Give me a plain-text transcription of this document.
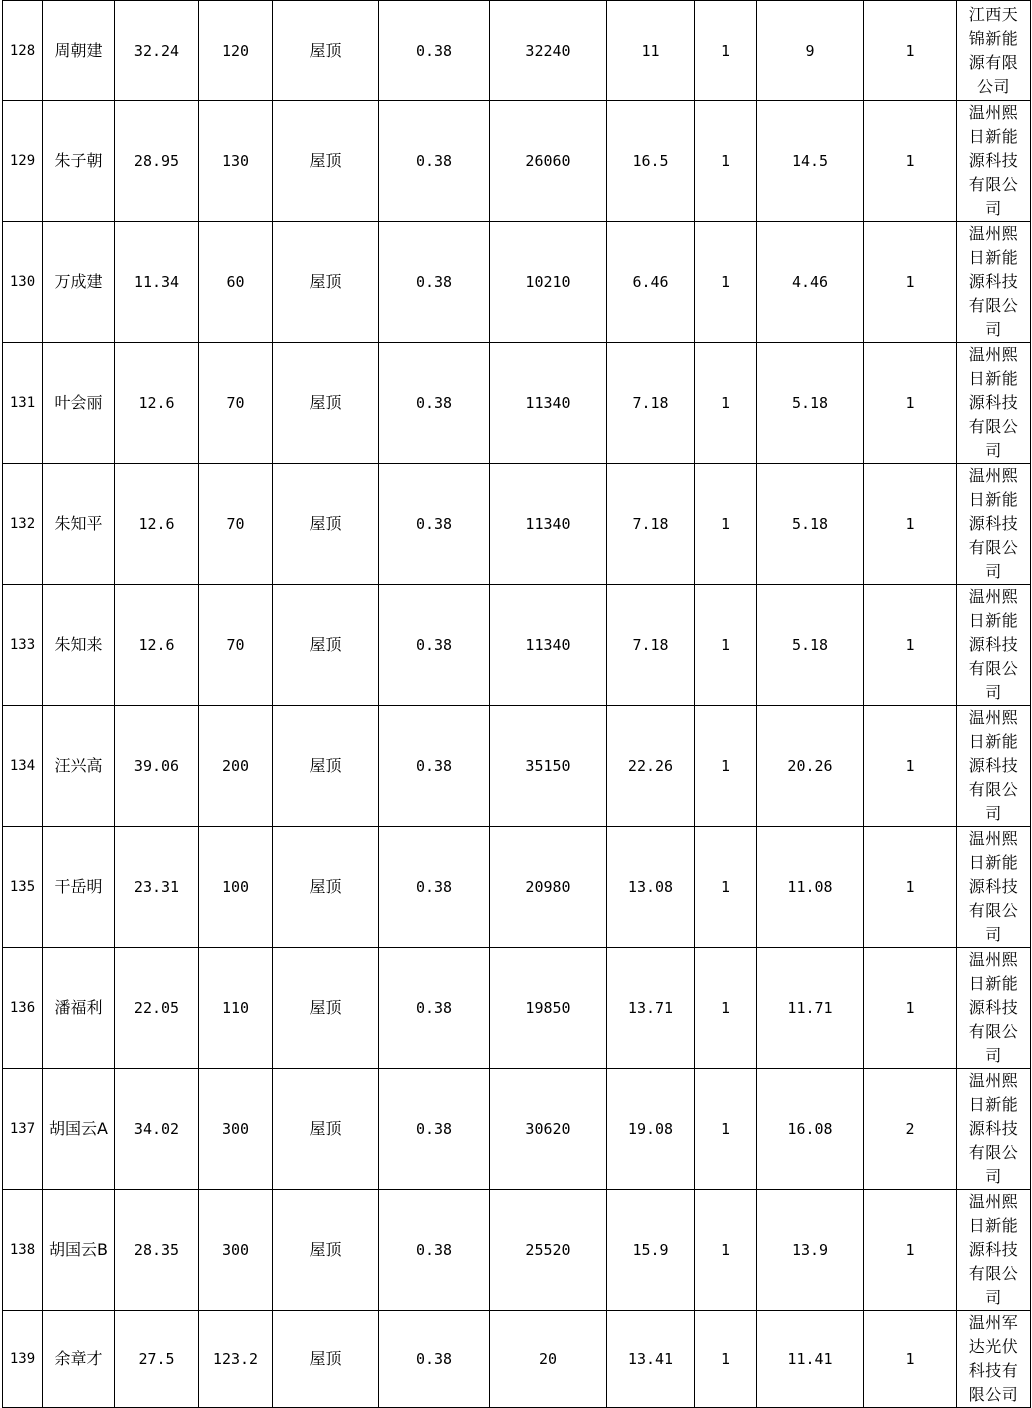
128	周朝建	32.24	120	屋顶	0.38	32240	11	1	9	1	江西天锦新能源有限公司
129	朱子朝	28.95	130	屋顶	0.38	26060	16.5	1	14.5	1	温州熙日新能源科技有限公司
130	万成建	11.34	60	屋顶	0.38	10210	6.46	1	4.46	1	温州熙日新能源科技有限公司
131	叶会丽	12.6	70	屋顶	0.38	11340	7.18	1	5.18	1	温州熙日新能源科技有限公司
132	朱知平	12.6	70	屋顶	0.38	11340	7.18	1	5.18	1	温州熙日新能源科技有限公司
133	朱知来	12.6	70	屋顶	0.38	11340	7.18	1	5.18	1	温州熙日新能源科技有限公司
134	汪兴高	39.06	200	屋顶	0.38	35150	22.26	1	20.26	1	温州熙日新能源科技有限公司
135	干岳明	23.31	100	屋顶	0.38	20980	13.08	1	11.08	1	温州熙日新能源科技有限公司
136	潘福利	22.05	110	屋顶	0.38	19850	13.71	1	11.71	1	温州熙日新能源科技有限公司
137	胡国云A	34.02	300	屋顶	0.38	30620	19.08	1	16.08	2	温州熙日新能源科技有限公司
138	胡国云B	28.35	300	屋顶	0.38	25520	15.9	1	13.9	1	温州熙日新能源科技有限公司
139	余章才	27.5	123.2	屋顶	0.38	20	13.41	1	11.41	1	温州军达光伏科技有限公司
